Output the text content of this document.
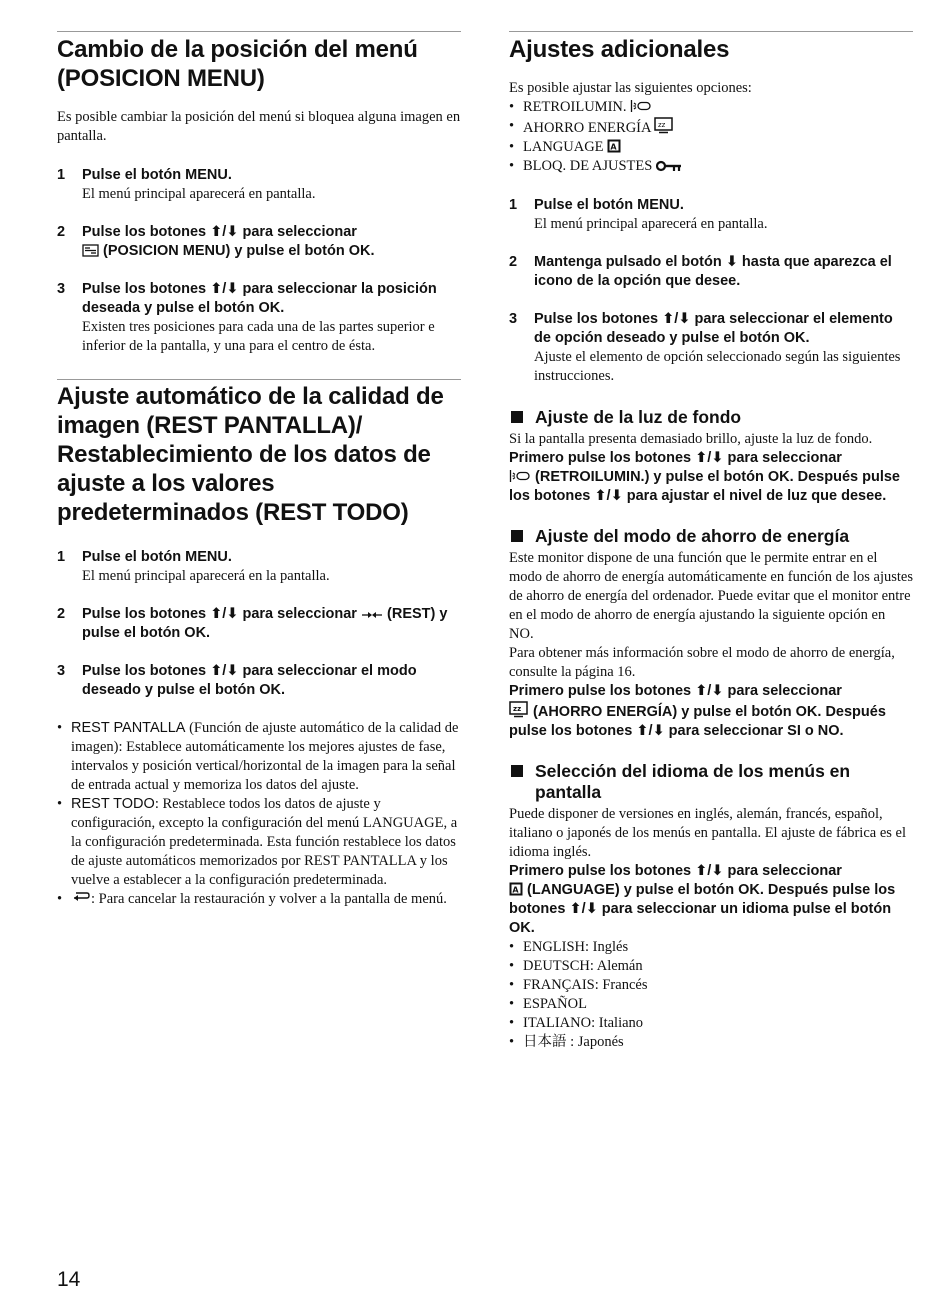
Cambio de la posición del menú
(POSICION MENU)

Es posible cambiar la posición del menú si bloquea alguna imagen en pantalla.

1	Pulse el botón MENU.

El menú principal aparecerá en pantalla.

2	Pulse los botones ⬆/⬇ para seleccionar
(POSICION MENU) y pulse el botón OK.
3	Pulse los botones ⬆/⬇ para seleccionar la posición deseada y pulse el botón OK.

Existen tres posiciones para cada una de las partes superior e inferior de la pantalla, y una para el centro de ésta.

Ajuste automático de la calidad de
imagen (REST PANTALLA)/
Restablecimiento de los datos de
ajuste a los valores
predeterminados (REST TODO)
1	Pulse el botón MENU.

El menú principal aparecerá en la pantalla.

2	Pulse los botones ⬆/⬇ para seleccionar (REST) y pulse el botón OK.
3	Pulse los botones ⬆/⬇ para seleccionar el modo deseado y pulse el botón OK.
• REST PANTALLA (Función de ajuste automático de la calidad de imagen): Establece automáticamente los mejores ajustes de fase, intervalos y posición vertical/horizontal de la imagen para la señal de entrada actual y memoriza los datos del ajuste.
• REST TODO: Restablece todos los datos de ajuste y configuración, excepto la configuración del menú LANGUAGE, a la configuración predeterminada. Esta función restablece los datos de ajuste automáticos memorizados por REST PANTALLA y los vuelve a establecer a la configuración predeterminada.
• : Para cancelar la restauración y volver a la pantalla de menú.
Ajustes adicionales

Es posible ajustar las siguientes opciones:

• RETROILUMIN.
• AHORRO ENERGÍA zz
• LANGUAGE A
• BLOQ. DE AJUSTES
1	Pulse el botón MENU.

El menú principal aparecerá en pantalla.

2	Mantenga pulsado el botón ⬇ hasta que aparezca el icono de la opción que desee.
3	Pulse los botones ⬆/⬇ para seleccionar el elemento de opción deseado y pulse el botón OK.

Ajuste el elemento de opción seleccionado según las siguientes instrucciones.

Ajuste de la luz de fondo

Si la pantalla presenta demasiado brillo, ajuste la luz de fondo.

Primero pulse los botones ⬆/⬇ para seleccionar
(RETROILUMIN.) y pulse el botón OK. Después pulse los botones ⬆/⬇ para ajustar el nivel de luz que desee.
Ajuste del modo de ahorro de energía

Este monitor dispone de una función que le permite entrar en el modo de ahorro de energía automáticamente en función de los ajustes de ahorro de energía del ordenador. Puede evitar que el monitor entre en el modo de ahorro de energía ajustando la siguiente opción en NO.

Para obtener más información sobre el modo de ahorro de energía, consulte la página 16.

Primero pulse los botones ⬆/⬇ para seleccionar

zz (AHORRO ENERGÍA) y pulse el botón OK. Después pulse los botones ⬆/⬇ para seleccionar SI o NO.
Selección del idioma de los menús en pantalla

Puede disponer de versiones en inglés, alemán, francés, español, italiano o japonés de los menús en pantalla. El ajuste de fábrica es el idioma inglés.

Primero pulse los botones ⬆/⬇ para seleccionar

A (LANGUAGE) y pulse el botón OK. Después pulse los botones ⬆/⬇ para seleccionar un idioma pulse el botón OK.
• ENGLISH: Inglés
• DEUTSCH: Alemán
• FRANÇAIS: Francés
• ESPAÑOL
• ITALIANO: Italiano
• 日本語 : Japonés
14
